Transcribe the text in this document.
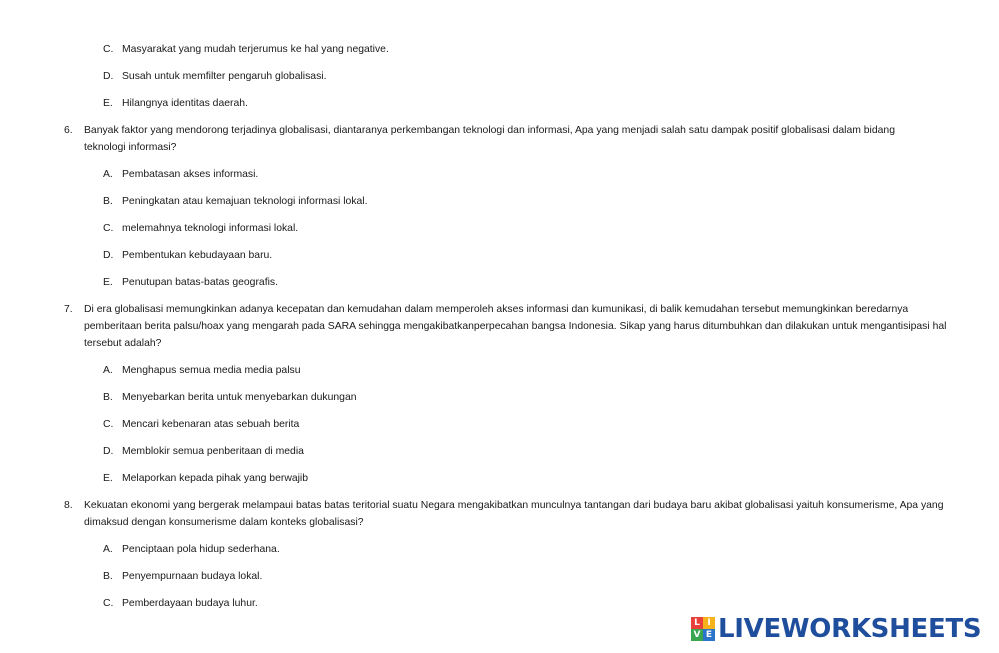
C. Masyarakat yang mudah terjerumus ke hal yang negative.
D. Susah untuk memfilter pengaruh globalisasi.
E. Hilangnya identitas daerah.
6. Banyak faktor yang mendorong terjadinya globalisasi, diantaranya perkembangan teknologi dan informasi, Apa yang menjadi salah satu dampak positif globalisasi dalam bidang teknologi informasi?
A. Pembatasan akses informasi.
B. Peningkatan atau kemajuan teknologi informasi lokal.
C. melemahnya teknologi informasi lokal.
D. Pembentukan kebudayaan baru.
E. Penutupan batas-batas geografis.
7. Di era globalisasi memungkinkan adanya kecepatan dan kemudahan dalam memperoleh akses informasi dan kumunikasi, di balik kemudahan tersebut memungkinkan beredarnya pemberitaan berita palsu/hoax yang mengarah pada SARA sehingga mengakibatkanperpecahan bangsa Indonesia. Sikap yang harus ditumbuhkan dan dilakukan untuk mengantisipasi hal tersebut adalah?
A. Menghapus semua media media palsu
B. Menyebarkan berita untuk menyebarkan dukungan
C. Mencari kebenaran atas sebuah berita
D. Memblokir semua penberitaan di media
E. Melaporkan kepada pihak yang berwajib
8. Kekuatan ekonomi yang bergerak melampaui batas batas teritorial suatu Negara mengakibatkan munculnya tantangan dari budaya baru akibat globalisasi yaituh konsumerisme, Apa yang dimaksud dengan konsumerisme dalam konteks globalisasi?
A. Penciptaan pola hidup sederhana.
B. Penyempurnaan budaya lokal.
C. Pemberdayaan budaya luhur.
L I
V E LIVEWORKSHEETS
